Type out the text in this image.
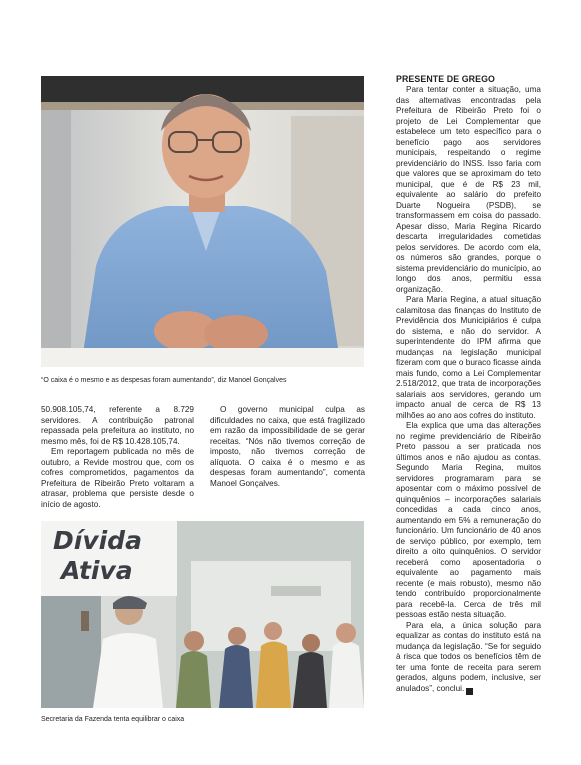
“O caixa é o mesmo e as despesas foram aumentando”, diz Manoel Gonçalves

50.908.105,74, referente a 8.729 servidores. A contribuição patronal repassada pela prefeitura ao instituto, no mesmo mês, foi de R$ 10.428.105,74.

Em reportagem publicada no mês de outubro, a Revide mostrou que, com os cofres comprometidos, pagamentos da Prefeitura de Ribeirão Preto voltaram a atrasar, problema que persiste desde o início de agosto.

O governo municipal culpa as dificuldades no caixa, que está fragilizado em razão da impossibilidade de se gerar receitas. “Nós não tivemos correção de imposto, não tivemos correção de alíquota. O caixa é o mesmo e as despesas foram aumentando”, comenta Manoel Gonçalves.

Dívida
Ativa
Secretaria da Fazenda tenta equilibrar o caixa
PRESENTE DE GREGO

Para tentar conter a situação, uma das alternativas encontradas pela Prefeitura de Ribeirão Preto foi o projeto de Lei Complementar que estabelece um teto específico para o benefício pago aos servidores municipais, respeitando o regime previdenciário do INSS. Isso faria com que valores que se aproximam do teto municipal, que é de R$ 23 mil, equivalente ao salário do prefeito Duarte Nogueira (PSDB), se transformassem em coisa do passado. Apesar disso, Maria Regina Ricardo descarta irregularidades cometidas pelos servidores. De acordo com ela, os números são grandes, porque o sistema previdenciário do município, ao longo dos anos, permitiu essa organização.

Para Maria Regina, a atual situação calamitosa das finanças do Instituto de Previdência dos Municipiários é culpa do sistema, e não do servidor. A superintendente do IPM afirma que mudanças na legislação municipal fizeram com que o buraco ficasse ainda mais fundo, como a Lei Complementar 2.518/2012, que trata de incorporações salariais aos servidores, gerando um impacto anual de cerca de R$ 13 milhões ao ano aos cofres do instituto.

Ela explica que uma das alterações no regime previdenciário de Ribeirão Preto passou a ser praticada nos últimos anos e não ajudou as contas. Segundo Maria Regina, muitos servidores programaram para se aposentar com o máximo possível de quinquênios – incorporações salariais concedidas a cada cinco anos, aumentando em 5% a remuneração do funcionário. Um funcionário de 40 anos de serviço público, por exemplo, tem direito a oito quinquênios. O servidor receberá como aposentadoria o equivalente ao pagamento mais recente (e mais robusto), mesmo não tendo contribuído proporcionalmente para recebê-la. Cerca de três mil pessoas estão nesta situação.

Para ela, a única solução para equalizar as contas do instituto está na mudança da legislação. “Se for seguido à risca que todos os benefícios têm de ter uma fonte de receita para serem gerados, alguns podem, inclusive, ser anulados”, conclui. r
